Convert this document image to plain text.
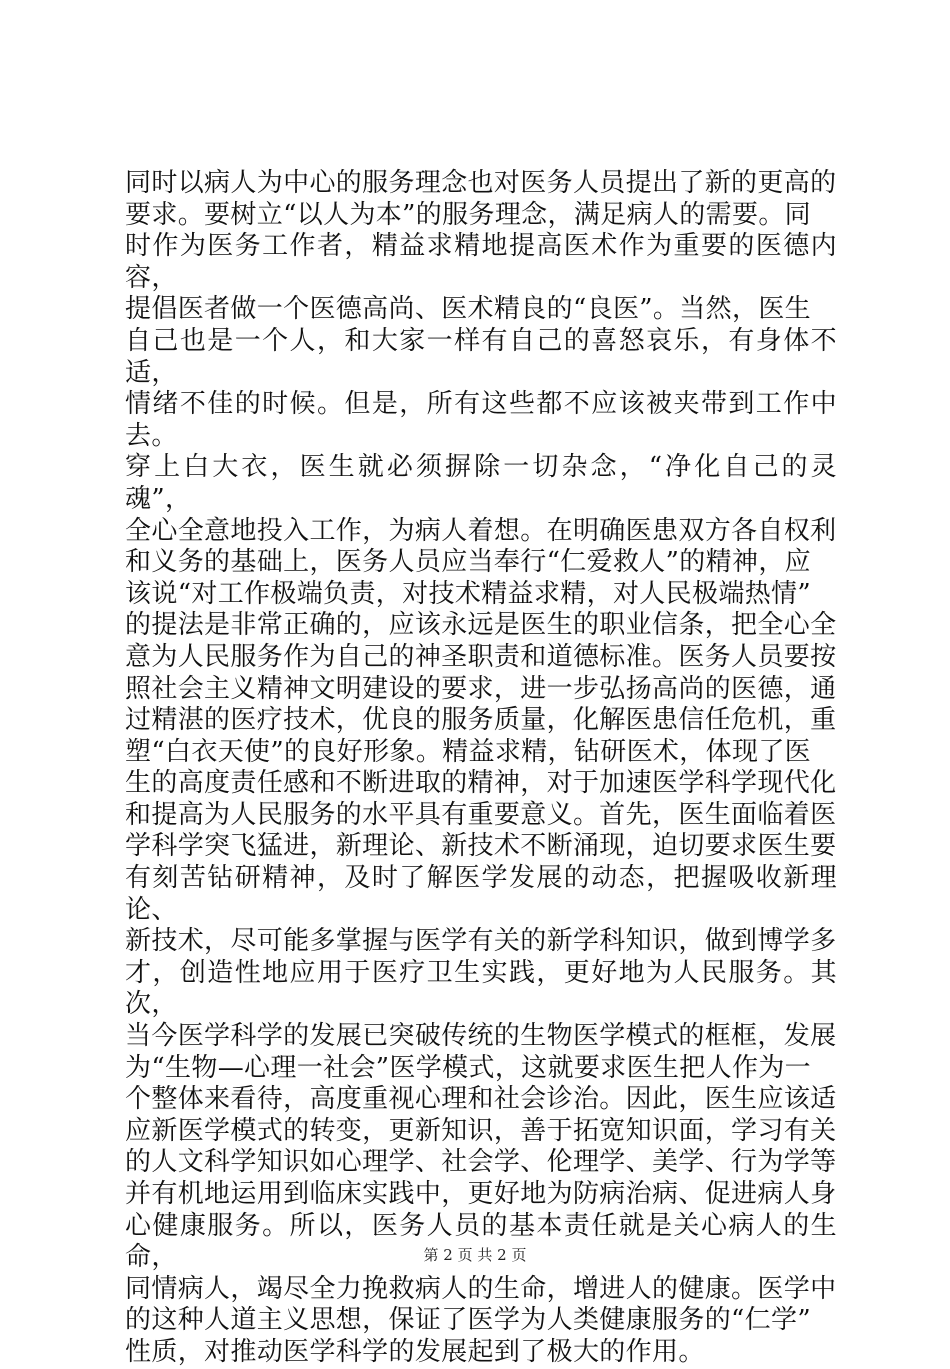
同时以病人为中心的服务理念也对医务人员提出了新的更高的
要求。要树立“以人为本”的服务理念，满足病人的需要。同
时作为医务工作者，精益求精地提高医术作为重要的医德内容，
提倡医者做一个医德高尚、医术精良的“良医”。当然，医生
自己也是一个人，和大家一样有自己的喜怒哀乐，有身体不适，
情绪不佳的时候。但是，所有这些都不应该被夹带到工作中去。
穿上白大衣，医生就必须摒除一切杂念，“净化自己的灵魂”，
全心全意地投入工作，为病人着想。在明确医患双方各自权利
和义务的基础上，医务人员应当奉行“仁爱救人”的精神，应
该说“对工作极端负责，对技术精益求精，对人民极端热情”
的提法是非常正确的，应该永远是医生的职业信条，把全心全
意为人民服务作为自己的神圣职责和道德标准。医务人员要按
照社会主义精神文明建设的要求，进一步弘扬高尚的医德，通
过精湛的医疗技术，优良的服务质量，化解医患信任危机，重
塑“白衣天使”的良好形象。精益求精，钻研医术，体现了医
生的高度责任感和不断进取的精神，对于加速医学科学现代化
和提高为人民服务的水平具有重要意义。首先，医生面临着医
学科学突飞猛进，新理论、新技术不断涌现，迫切要求医生要
有刻苦钻研精神，及时了解医学发展的动态，把握吸收新理论、
新技术，尽可能多掌握与医学有关的新学科知识，做到博学多
才，创造性地应用于医疗卫生实践，更好地为人民服务。其次，
当今医学科学的发展已突破传统的生物医学模式的框框，发展
为“生物—心理一社会”医学模式，这就要求医生把人作为一
个整体来看待，高度重视心理和社会诊治。因此，医生应该适
应新医学模式的转变，更新知识，善于拓宽知识面，学习有关
的人文科学知识如心理学、社会学、伦理学、美学、行为学等
并有机地运用到临床实践中，更好地为防病治病、促进病人身
心健康服务。所以，医务人员的基本责任就是关心病人的生命，
同情病人，竭尽全力挽救病人的生命，增进人的健康。医学中
的这种人道主义思想，保证了医学为人类健康服务的“仁学”
性质，对推动医学科学的发展起到了极大的作用。

第 2 页 共 2 页
